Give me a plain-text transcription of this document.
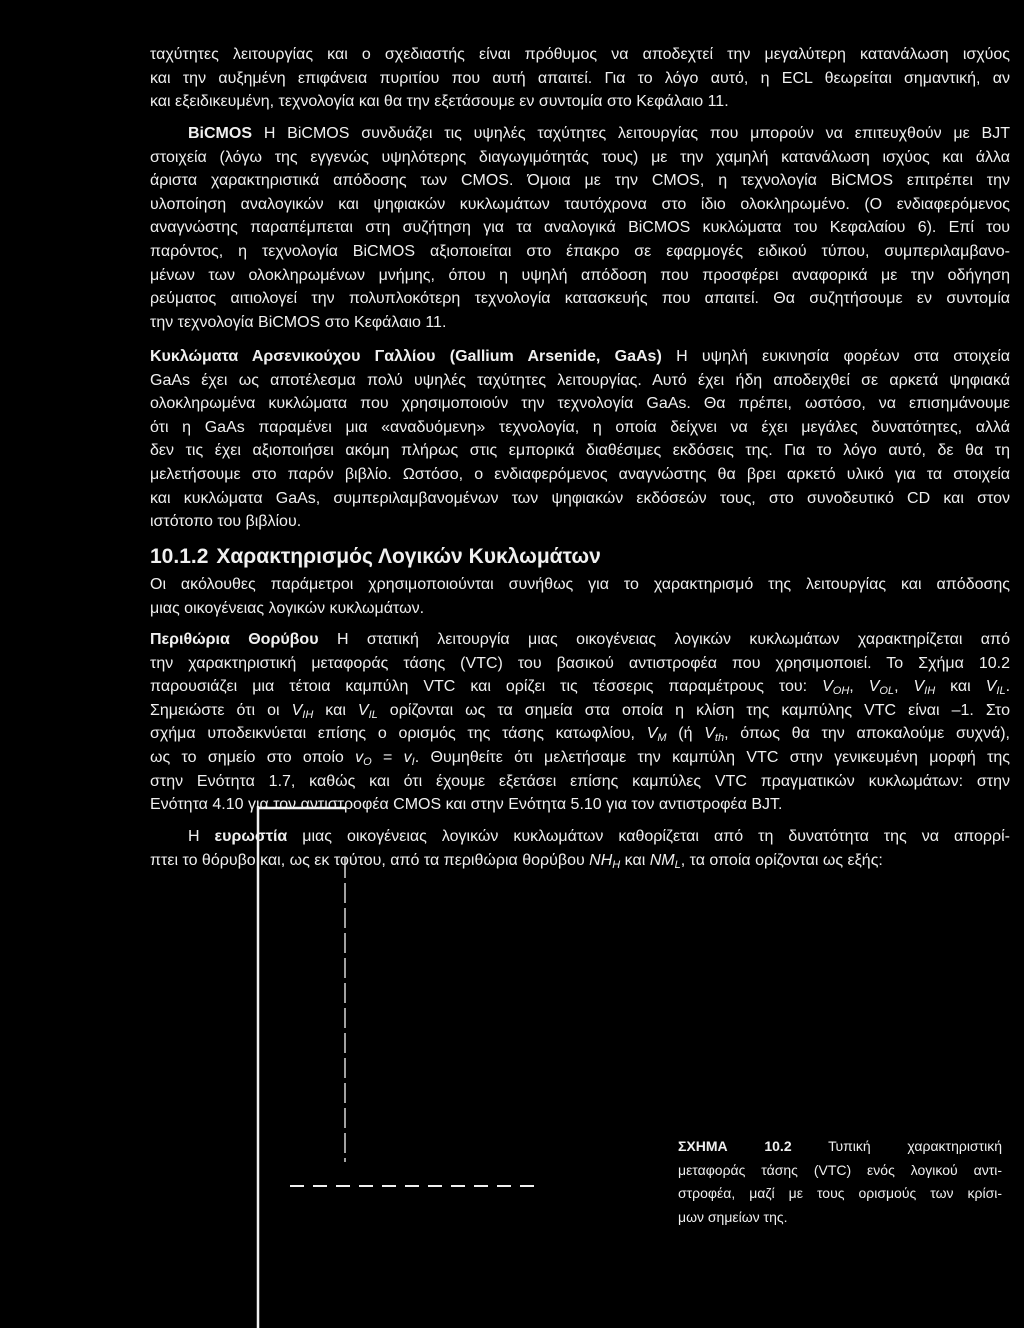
ταχύτητες λειτουργίας και ο σχεδιαστής είναι πρόθυμος να αποδεχτεί την μεγαλύτερη κατανάλωση ισχύος
και την αυξημένη επιφάνεια πυριτίου που αυτή απαιτεί. Για το λόγο αυτό, η ECL θεωρείται σημαντική, αν
και εξειδικευμένη, τεχνολογία και θα την εξετάσουμε εν συντομία στο Κεφάλαιο 11.
BiCMOS Η BiCMOS συνδυάζει τις υψηλές ταχύτητες λειτουργίας που μπορούν να επιτευχθούν με BJT
στοιχεία (λόγω της εγγενώς υψηλότερης διαγωγιμότητάς τους) με την χαμηλή κατανάλωση ισχύος και άλλα
άριστα χαρακτηριστικά απόδοσης των CMOS. Όμοια με την CMOS, η τεχνολογία BiCMOS επιτρέπει την
υλοποίηση αναλογικών και ψηφιακών κυκλωμάτων ταυτόχρονα στο ίδιο ολοκληρωμένο. (Ο ενδιαφερόμενος
αναγνώστης παραπέμπεται στη συζήτηση για τα αναλογικά BiCMOS κυκλώματα του Κεφαλαίου 6). Επί του
παρόντος, η τεχνολογία BiCMOS αξιοποιείται στο έπακρο σε εφαρμογές ειδικού τύπου, συμπεριλαμβανο-
μένων των ολοκληρωμένων μνήμης, όπου η υψηλή απόδοση που προσφέρει αναφορικά με την οδήγηση
ρεύματος αιτιολογεί την πολυπλοκότερη τεχνολογία κατασκευής που απαιτεί. Θα συζητήσουμε εν συντομία
την τεχνολογία BiCMOS στο Κεφάλαιο 11.
Κυκλώματα Αρσενικούχου Γαλλίου (Gallium Arsenide, GaAs) Η υψηλή ευκινησία φορέων στα στοιχεία
GaAs έχει ως αποτέλεσμα πολύ υψηλές ταχύτητες λειτουργίας. Αυτό έχει ήδη αποδειχθεί σε αρκετά ψηφιακά
ολοκληρωμένα κυκλώματα που χρησιμοποιούν την τεχνολογία GaAs. Θα πρέπει, ωστόσο, να επισημάνουμε
ότι η GaAs παραμένει μια «αναδυόμενη» τεχνολογία, η οποία δείχνει να έχει μεγάλες δυνατότητες, αλλά
δεν τις έχει αξιοποιήσει ακόμη πλήρως στις εμπορικά διαθέσιμες εκδόσεις της. Για το λόγο αυτό, δε θα τη
μελετήσουμε στο παρόν βιβλίο. Ωστόσο, ο ενδιαφερόμενος αναγνώστης θα βρει αρκετό υλικό για τα στοιχεία
και κυκλώματα GaAs, συμπεριλαμβανομένων των ψηφιακών εκδόσεών τους, στο συνοδευτικό CD και στον
ιστότοπο του βιβλίου.
10.1.2 Χαρακτηρισμός Λογικών Κυκλωμάτων
Οι ακόλουθες παράμετροι χρησιμοποιούνται συνήθως για το χαρακτηρισμό της λειτουργίας και απόδοσης
μιας οικογένειας λογικών κυκλωμάτων.
Περιθώρια Θορύβου Η στατική λειτουργία μιας οικογένειας λογικών κυκλωμάτων χαρακτηρίζεται από
την χαρακτηριστική μεταφοράς τάσης (VTC) του βασικού αντιστροφέα που χρησιμοποιεί. Το Σχήμα 10.2
παρουσιάζει μια τέτοια καμπύλη VTC και ορίζει τις τέσσερις παραμέτρους του: $V_{OH}$, $V_{OL}$, $V_{IH}$ και $V_{IL}$.
Σημειώστε ότι οι $V_{IH}$ και $V_{IL}$ ορίζονται ως τα σημεία στα οποία η κλίση της καμπύλης VTC είναι –1. Στο
σχήμα υποδεικνύεται επίσης ο ορισμός της τάσης κατωφλίου, $V_M$ (ή $V_{th}$, όπως θα την αποκαλούμε συχνά),
ως το σημείο στο οποίο $v_O = v_I$. Θυμηθείτε ότι μελετήσαμε την καμπύλη VTC στην γενικευμένη μορφή της
στην Ενότητα 1.7, καθώς και ότι έχουμε εξετάσει επίσης καμπύλες VTC πραγματικών κυκλωμάτων: στην
Ενότητα 4.10 για τον αντιστροφέα CMOS και στην Ενότητα 5.10 για τον αντιστροφέα BJT.
Η ευρωστία μιας οικογένειας λογικών κυκλωμάτων καθορίζεται από τη δυνατότητα της να απορρί-
πτει το θόρυβο και, ως εκ τούτου, από τα περιθώρια θορύβου $NH_H$ και $NM_L$, τα οποία ορίζονται ως εξής:
ΣΧΗΜΑ 10.2	Τυπική χαρακτηριστική
μεταφοράς τάσης (VTC) ενός λογικού αντι-
στροφέα, μαζί με τους ορισμούς των κρίσι-
μων σημείων της.
